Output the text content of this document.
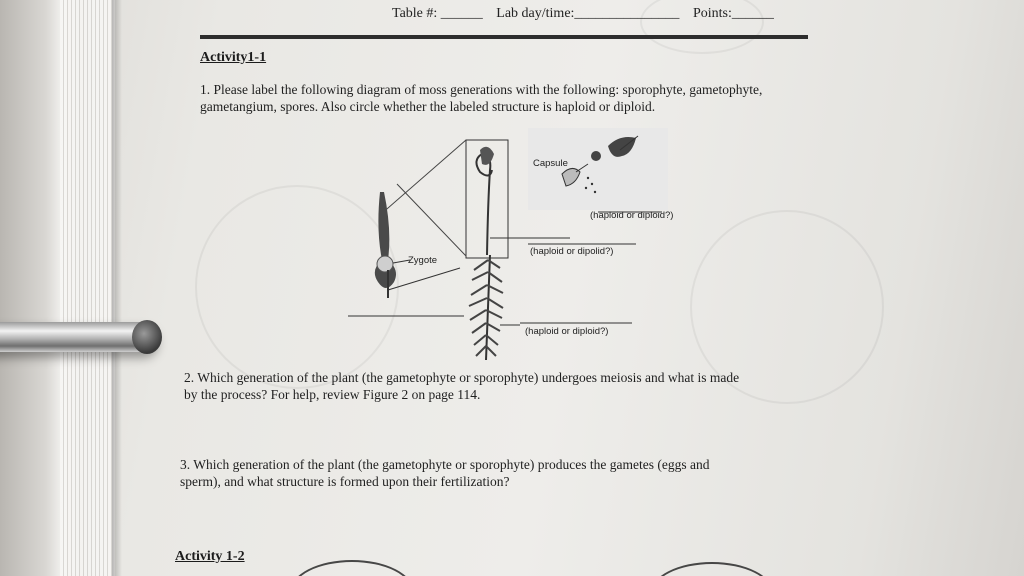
Table #: ______ Lab day/time:_______________ Points:______
Activity1-1
1. Please label the following diagram of moss generations with the following: sporophyte, gametophyte,
gametangium, spores. Also circle whether the labeled structure is haploid or diploid.
Capsule
Zygote
(haploid or diploid?)
(haploid or dipolid?)
(haploid or diploid?)
2. Which generation of the plant (the gametophyte or sporophyte) undergoes meiosis and what is made
by the process? For help, review Figure 2 on page 114.
3. Which generation of the plant (the gametophyte or sporophyte) produces the gametes (eggs and
sperm), and what structure is formed upon their fertilization?
Activity 1-2
